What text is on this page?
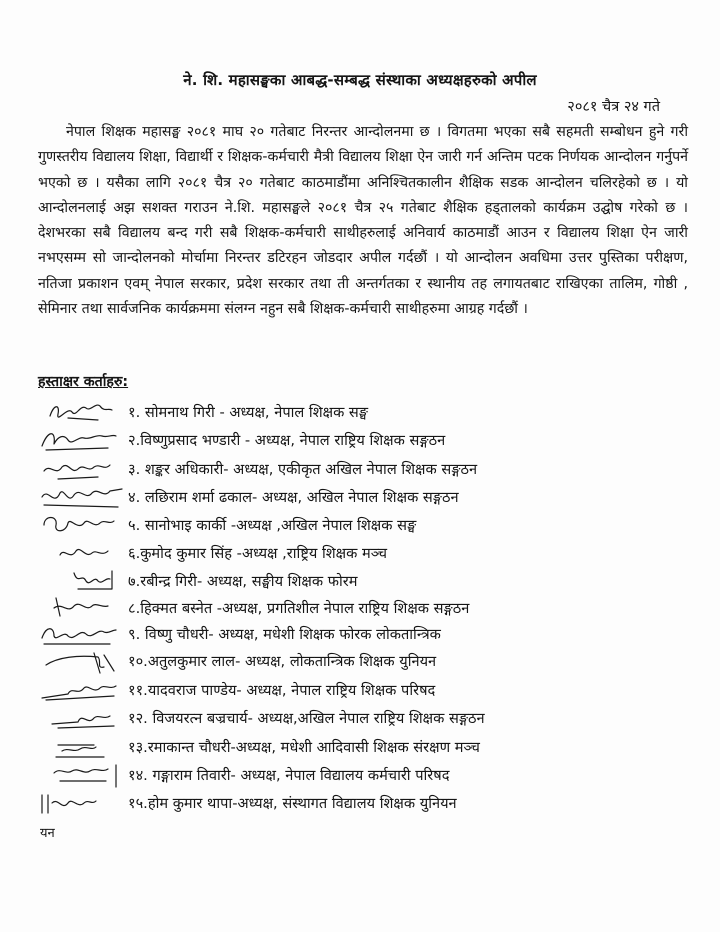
ने. शि. महासङ्घका आबद्ध-सम्बद्ध संस्थाका अध्यक्षहरुको अपील
२०८१ चैत्र २४ गते

नेपाल शिक्षक महासङ्घ २०८१ माघ २० गतेबाट निरन्तर आन्दोलनमा छ । विगतमा भएका सबै सहमती सम्बोधन हुने गरी गुणस्तरीय विद्यालय शिक्षा, विद्यार्थी र शिक्षक-कर्मचारी मैत्री विद्यालय शिक्षा ऐन जारी गर्न अन्तिम पटक निर्णयक आन्दोलन गर्नुपर्ने भएको छ । यसैका लागि २०८१ चैत्र २० गतेबाट काठमाडौंमा अनिश्चितकालीन शैक्षिक सडक आन्दोलन चलिरहेको छ । यो आन्दोलनलाई अझ सशक्त गराउन ने.शि. महासङ्घले २०८१ चैत्र २५ गतेबाट शैक्षिक हड्तालको कार्यक्रम उद्घोष गरेको छ । देशभरका सबै विद्यालय बन्द गरी सबै शिक्षक-कर्मचारी साथीहरुलाई अनिवार्य काठमाडौं आउन र विद्यालय शिक्षा ऐन जारी नभएसम्म सो जान्दोलनको मोर्चामा निरन्तर डटिरहन जोडदार अपील गर्दछौं । यो आन्दोलन अवधिमा उत्तर पुस्तिका परीक्षण, नतिजा प्रकाशन एवम् नेपाल सरकार, प्रदेश सरकार तथा ती अन्तर्गतका र स्थानीय तह लगायतबाट राखिएका तालिम, गोष्ठी , सेमिनार तथा सार्वजनिक कार्यक्रममा संलग्न नहुन सबै शिक्षक-कर्मचारी साथीहरुमा आग्रह गर्दछौं ।

हस्ताक्षर कर्ताहरु:
१. सोमनाथ गिरी - अध्यक्ष, नेपाल शिक्षक सङ्घ
२.विष्णुप्रसाद भण्डारी - अध्यक्ष, नेपाल राष्ट्रिय शिक्षक सङ्गठन
३. शङ्कर अधिकारी- अध्यक्ष, एकीकृत अखिल नेपाल शिक्षक सङ्गठन
४. लछिराम शर्मा ढकाल- अध्यक्ष, अखिल नेपाल शिक्षक सङ्गठन
५. सानोभाइ कार्की -अध्यक्ष ,अखिल नेपाल शिक्षक सङ्घ
६.कुमोद कुमार सिंह -अध्यक्ष ,राष्ट्रिय शिक्षक मञ्च
७.रबीन्द्र गिरी- अध्यक्ष, सङ्घीय शिक्षक फोरम
८.हिक्मत बस्नेत -अध्यक्ष, प्रगतिशील नेपाल राष्ट्रिय शिक्षक सङ्गठन
९. विष्णु चौधरी- अध्यक्ष, मधेशी शिक्षक फोरक लोकतान्त्रिक
१०.अतुलकुमार लाल- अध्यक्ष, लोकतान्त्रिक शिक्षक युनियन
११.यादवराज पाण्डेय- अध्यक्ष, नेपाल राष्ट्रिय शिक्षक परिषद
१२. विजयरत्न बज्रचार्य- अध्यक्ष,अखिल नेपाल राष्ट्रिय शिक्षक सङ्गठन
१३.रमाकान्त चौधरी-अध्यक्ष, मधेशी आदिवासी शिक्षक संरक्षण मञ्च
१४. गङ्गाराम तिवारी- अध्यक्ष, नेपाल विद्यालय कर्मचारी परिषद
१५.होम कुमार थापा-अध्यक्ष, संस्थागत विद्यालय शिक्षक युनियन
यन
